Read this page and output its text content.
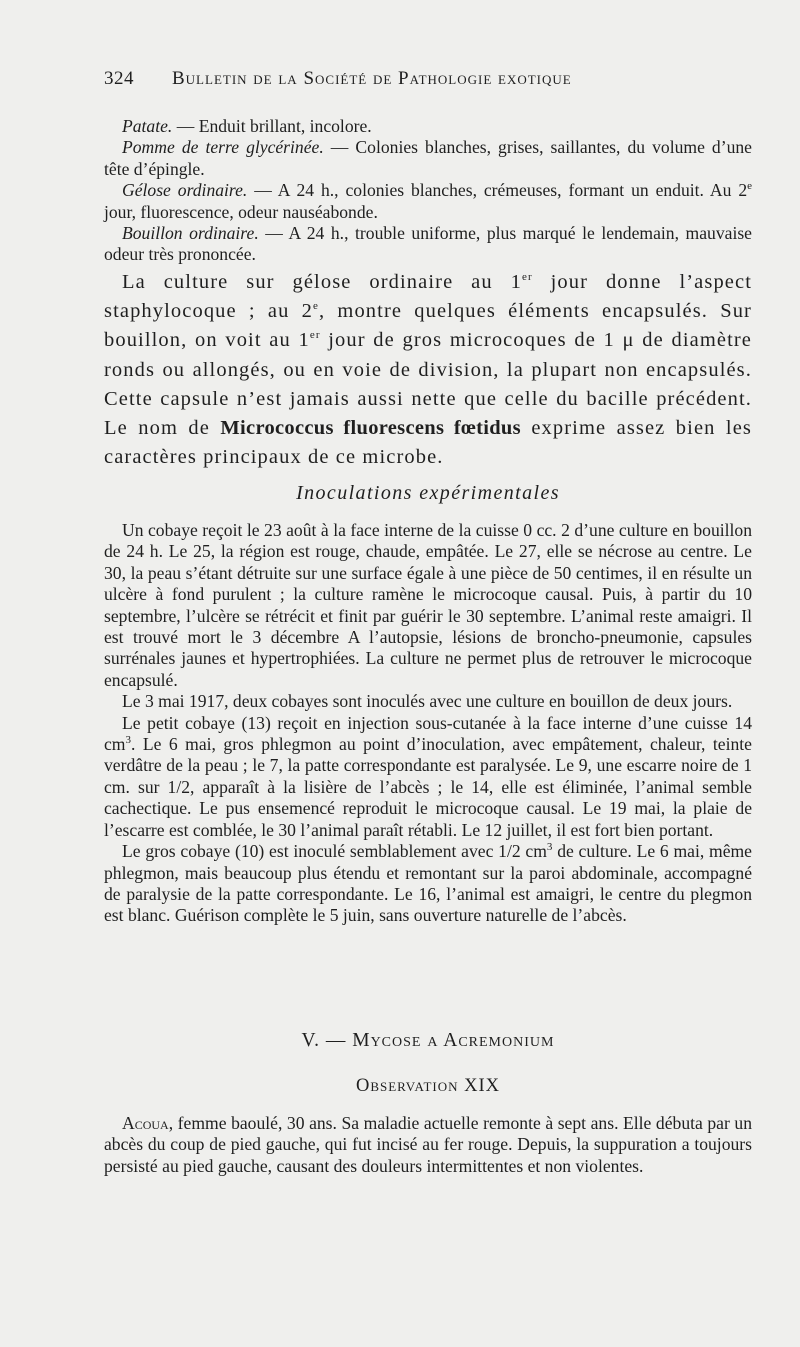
324 Bulletin de la Société de Pathologie exotique

Patate. — Enduit brillant, incolore.

Pomme de terre glycérinée. — Colonies blanches, grises, saillantes, du volume d’une tête d’épingle.

Gélose ordinaire. — A 24 h., colonies blanches, crémeuses, formant un enduit. Au 2e jour, fluorescence, odeur nauséabonde.

Bouillon ordinaire. — A 24 h., trouble uniforme, plus marqué le lendemain, mauvaise odeur très prononcée.

La culture sur gélose ordinaire au 1er jour donne l’aspect staphylocoque ; au 2e, montre quelques éléments encapsulés. Sur bouillon, on voit au 1er jour de gros microcoques de 1 μ de diamètre ronds ou allongés, ou en voie de division, la plupart non encapsulés. Cette capsule n’est jamais aussi nette que celle du bacille précédent. Le nom de Micrococcus fluorescens fœtidus exprime assez bien les caractères principaux de ce microbe.

Inoculations expérimentales

Un cobaye reçoit le 23 août à la face interne de la cuisse 0 cc. 2 d’une culture en bouillon de 24 h. Le 25, la région est rouge, chaude, empâtée. Le 27, elle se nécrose au centre. Le 30, la peau s’étant détruite sur une surface égale à une pièce de 50 centimes, il en résulte un ulcère à fond purulent ; la culture ramène le microcoque causal. Puis, à partir du 10 septembre, l’ulcère se rétrécit et finit par guérir le 30 septembre. L’animal reste amaigri. Il est trouvé mort le 3 décembre A l’autopsie, lésions de broncho-pneumonie, capsules surrénales jaunes et hypertrophiées. La culture ne permet plus de retrouver le microcoque encapsulé.

Le 3 mai 1917, deux cobayes sont inoculés avec une culture en bouillon de deux jours.

Le petit cobaye (13) reçoit en injection sous-cutanée à la face interne d’une cuisse 14 $cm^3$. Le 6 mai, gros phlegmon au point d’inoculation, avec empâtement, chaleur, teinte verdâtre de la peau ; le 7, la patte correspondante est paralysée. Le 9, une escarre noire de 1 cm. sur 1/2, apparaît à la lisière de l’abcès ; le 14, elle est éliminée, l’animal semble cachectique. Le pus ensemencé reproduit le microcoque causal. Le 19 mai, la plaie de l’escarre est comblée, le 30 l’animal paraît rétabli. Le 12 juillet, il est fort bien portant.

Le gros cobaye (10) est inoculé semblablement avec 1/2 $cm^3$ de culture. Le 6 mai, même phlegmon, mais beaucoup plus étendu et remontant sur la paroi abdominale, accompagné de paralysie de la patte correspondante. Le 16, l’animal est amaigri, le centre du plegmon est blanc. Guérison complète le 5 juin, sans ouverture naturelle de l’abcès.

V. — Mycose a Acremonium
Observation XIX

Acoua, femme baoulé, 30 ans. Sa maladie actuelle remonte à sept ans. Elle débuta par un abcès du coup de pied gauche, qui fut incisé au fer rouge. Depuis, la suppuration a toujours persisté au pied gauche, causant des douleurs intermittentes et non violentes.
